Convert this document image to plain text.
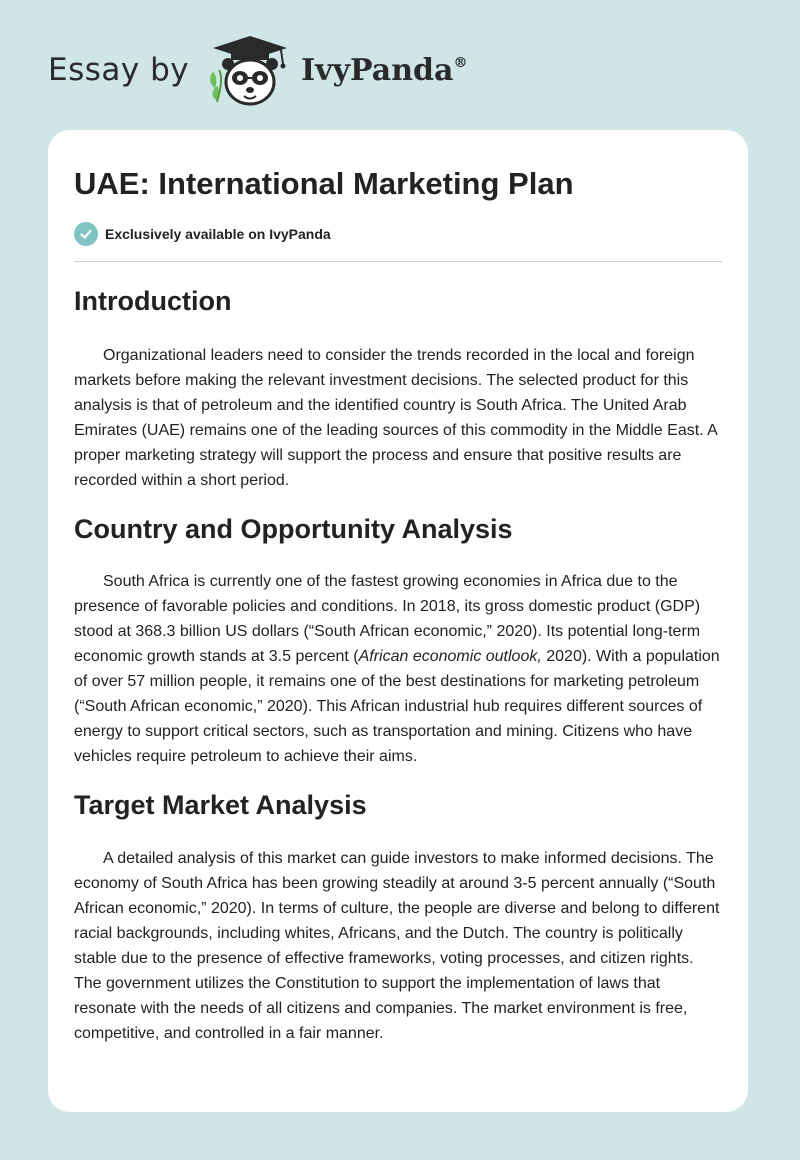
Essay by	IvyPanda®
UAE: International Marketing Plan
Exclusively available on IvyPanda
Introduction

Organizational leaders need to consider the trends recorded in the local and foreign markets before making the relevant investment decisions. The selected product for this analysis is that of petroleum and the identified country is South Africa. The United Arab Emirates (UAE) remains one of the leading sources of this commodity in the Middle East. A proper marketing strategy will support the process and ensure that positive results are recorded within a short period.

Country and Opportunity Analysis

South Africa is currently one of the fastest growing economies in Africa due to the presence of favorable policies and conditions. In 2018, its gross domestic product (GDP) stood at 368.3 billion US dollars (“South African economic,” 2020). Its potential long-term economic growth stands at 3.5 percent (African economic outlook, 2020). With a population of over 57 million people, it remains one of the best destinations for marketing petroleum (“South African economic,” 2020). This African industrial hub requires different sources of energy to support critical sectors, such as transportation and mining. Citizens who have vehicles require petroleum to achieve their aims.

Target Market Analysis

A detailed analysis of this market can guide investors to make informed decisions. The economy of South Africa has been growing steadily at around 3-5 percent annually (“South African economic,” 2020). In terms of culture, the people are diverse and belong to different racial backgrounds, including whites, Africans, and the Dutch. The country is politically stable due to the presence of effective frameworks, voting processes, and citizen rights. The government utilizes the Constitution to support the implementation of laws that resonate with the needs of all citizens and companies. The market environment is free, competitive, and controlled in a fair manner.
